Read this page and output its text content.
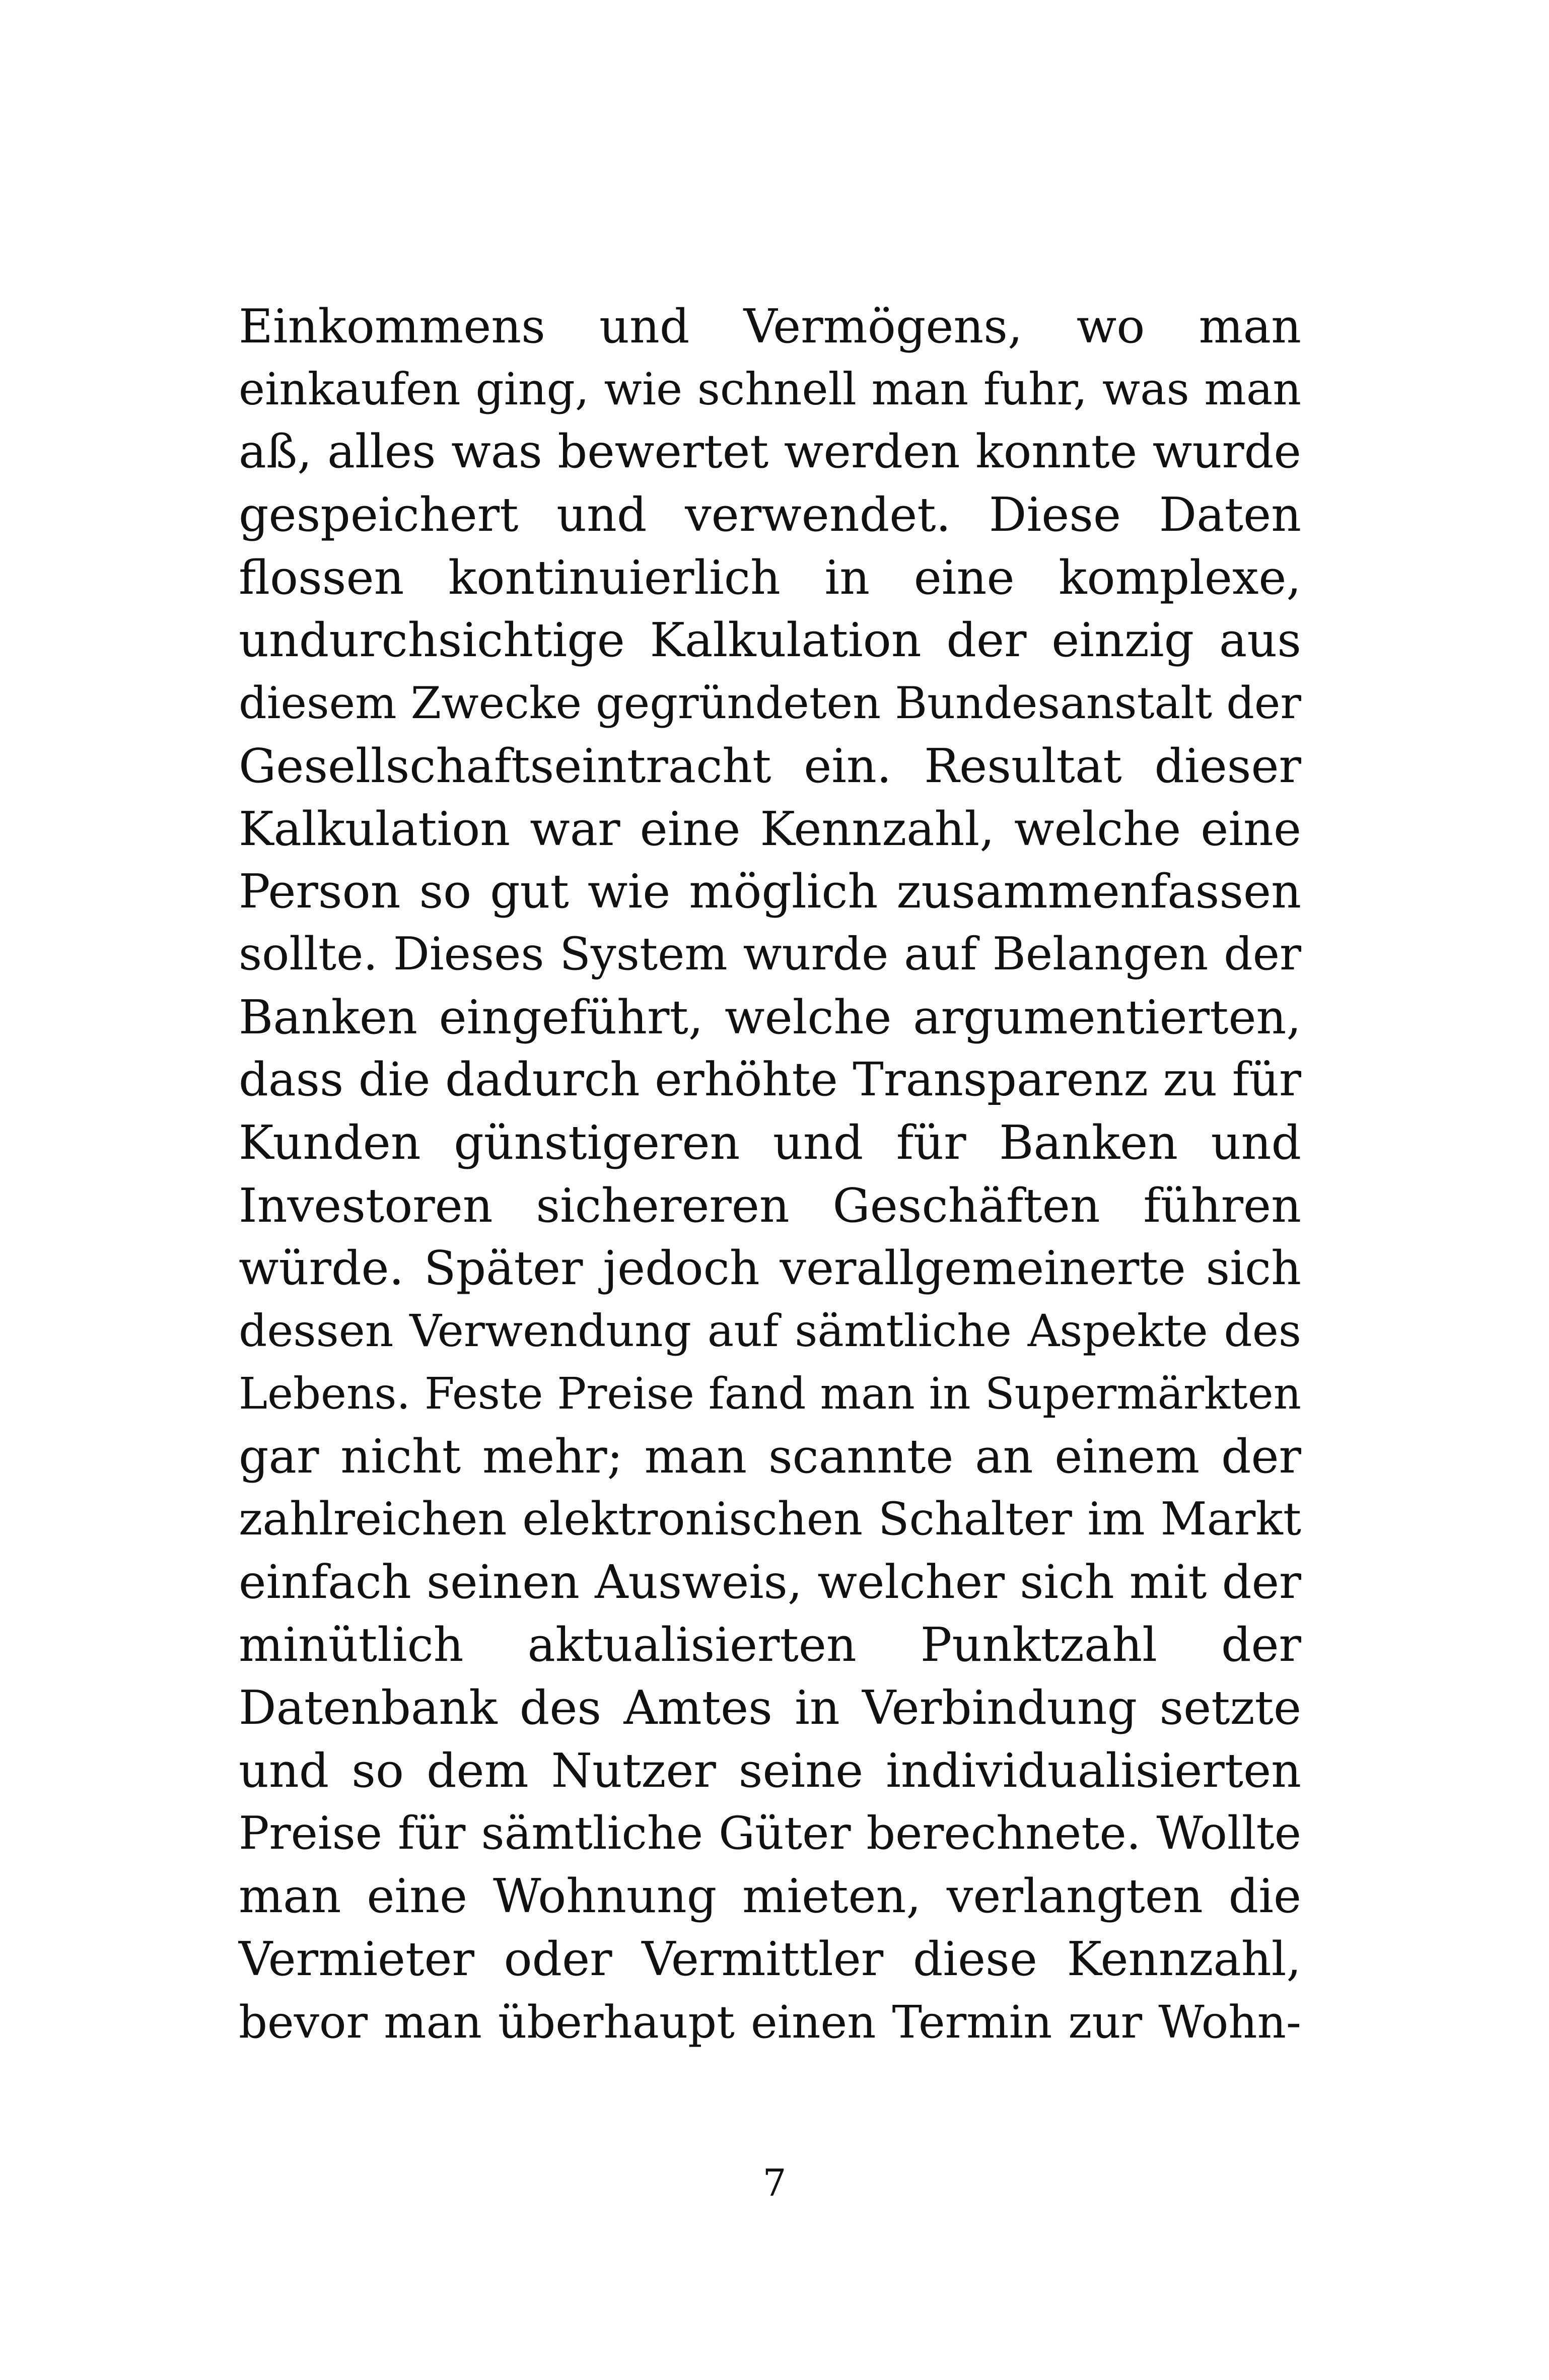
Einkommens und Vermögens, wo man
einkaufen ging, wie schnell man fuhr, was man
aß, alles was bewertet werden konnte wurde
gespeichert und verwendet. Diese Daten
flossen kontinuierlich in eine komplexe,
undurchsichtige Kalkulation der einzig aus
diesem Zwecke gegründeten Bundesanstalt der
Gesellschaftseintracht ein. Resultat dieser
Kalkulation war eine Kennzahl, welche eine
Person so gut wie möglich zusammenfassen
sollte. Dieses System wurde auf Belangen der
Banken eingeführt, welche argumentierten,
dass die dadurch erhöhte Transparenz zu für
Kunden günstigeren und für Banken und
Investoren sichereren Geschäften führen
würde. Später jedoch verallgemeinerte sich
dessen Verwendung auf sämtliche Aspekte des
Lebens. Feste Preise fand man in Supermärkten
gar nicht mehr; man scannte an einem der
zahlreichen elektronischen Schalter im Markt
einfach seinen Ausweis, welcher sich mit der
minütlich aktualisierten Punktzahl der
Datenbank des Amtes in Verbindung setzte
und so dem Nutzer seine individualisierten
Preise für sämtliche Güter berechnete. Wollte
man eine Wohnung mieten, verlangten die
Vermieter oder Vermittler diese Kennzahl,
bevor man überhaupt einen Termin zur Wohn-
7
